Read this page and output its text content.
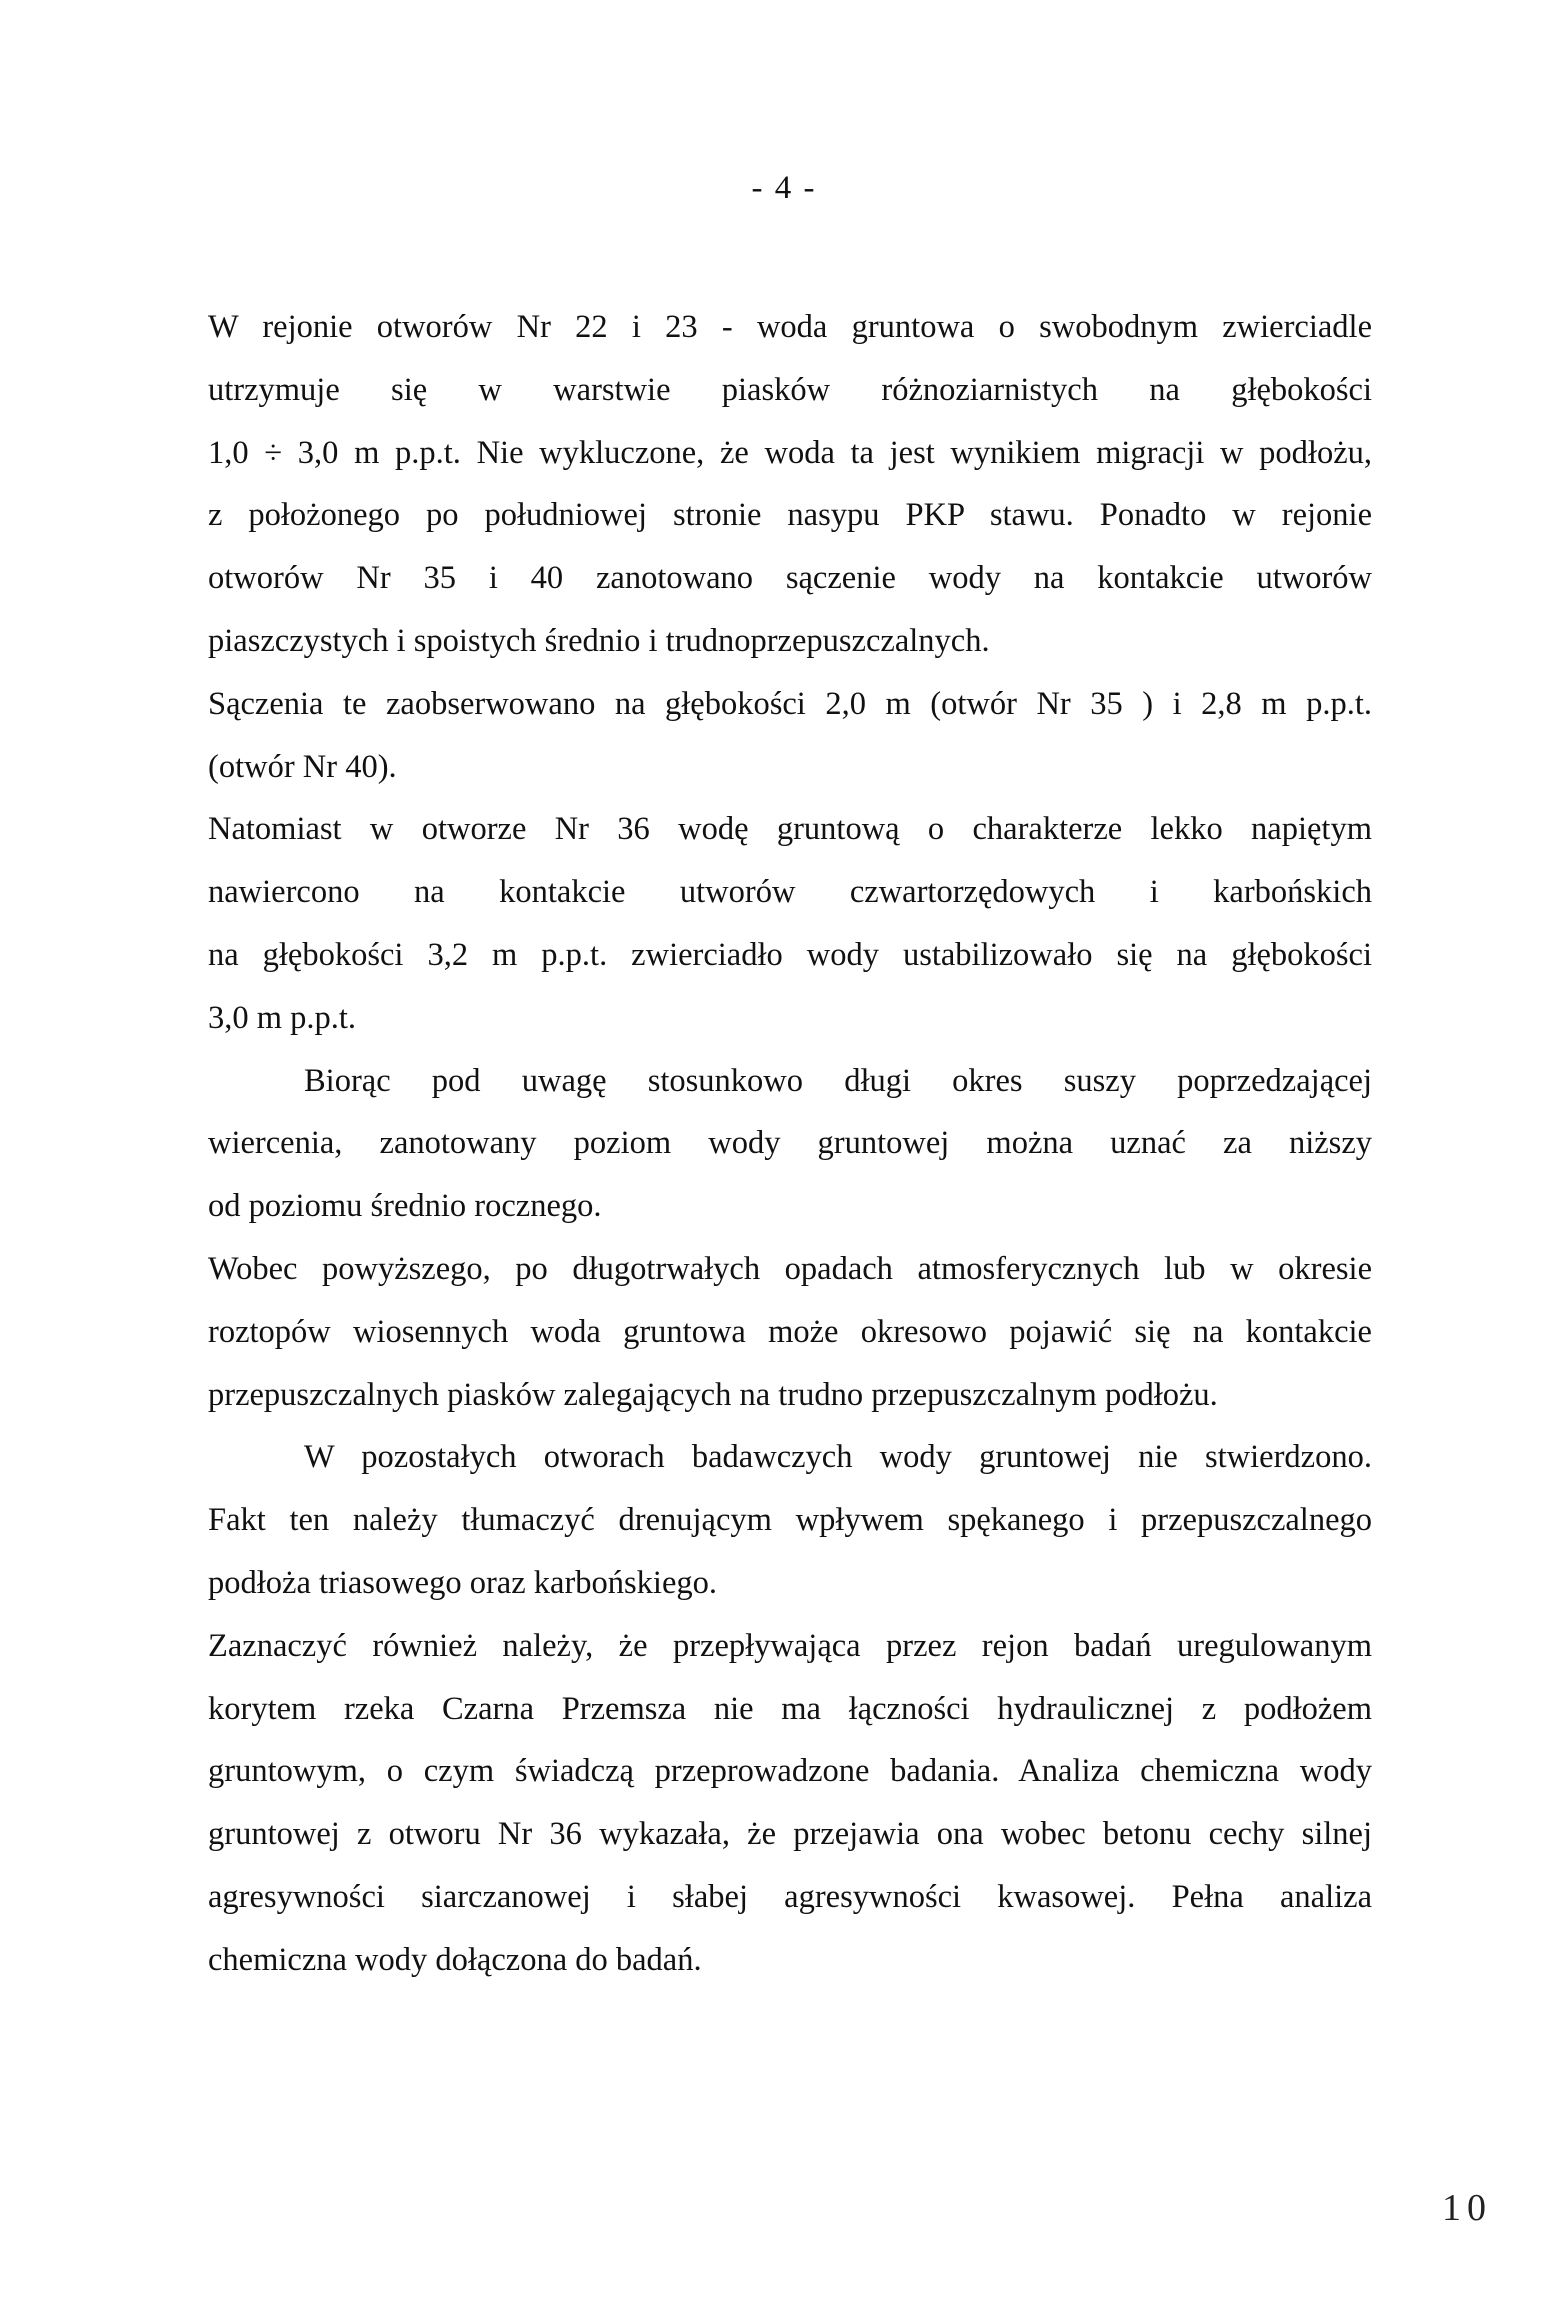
- 4 -
W rejonie otworów Nr 22 i 23 - woda gruntowa o swobodnym zwierciadle
utrzymuje się w warstwie piasków różnoziarnistych na głębokości
1,0 ÷ 3,0 m p.p.t. Nie wykluczone, że woda ta jest wynikiem migracji w podłożu,
z położonego po południowej stronie nasypu PKP stawu. Ponadto w rejonie
otworów Nr 35 i 40 zanotowano sączenie wody na kontakcie utworów
piaszczystych i spoistych średnio i trudnoprzepuszczalnych.
Sączenia te zaobserwowano na głębokości 2,0 m (otwór Nr 35 ) i 2,8 m p.p.t.
(otwór Nr 40).
Natomiast w otworze Nr 36 wodę gruntową o charakterze lekko napiętym
nawiercono na kontakcie utworów czwartorzędowych i karbońskich
na głębokości 3,2 m p.p.t. zwierciadło wody ustabilizowało się na głębokości
3,0 m p.p.t.
Biorąc pod uwagę stosunkowo długi okres suszy poprzedzającej
wiercenia, zanotowany poziom wody gruntowej można uznać za niższy
od poziomu średnio rocznego.
Wobec powyższego, po długotrwałych opadach atmosferycznych lub w okresie
roztopów wiosennych woda gruntowa może okresowo pojawić się na kontakcie
przepuszczalnych piasków zalegających na trudno przepuszczalnym podłożu.
W pozostałych otworach badawczych wody gruntowej nie stwierdzono.
Fakt ten należy tłumaczyć drenującym wpływem spękanego i przepuszczalnego
podłoża triasowego oraz karbońskiego.
Zaznaczyć również należy, że przepływająca przez rejon badań uregulowanym
korytem rzeka Czarna Przemsza nie ma łączności hydraulicznej z podłożem
gruntowym, o czym świadczą przeprowadzone badania. Analiza chemiczna wody
gruntowej z otworu Nr 36 wykazała, że przejawia ona wobec betonu cechy silnej
agresywności siarczanowej i słabej agresywności kwasowej. Pełna analiza
chemiczna wody dołączona do badań.
10
